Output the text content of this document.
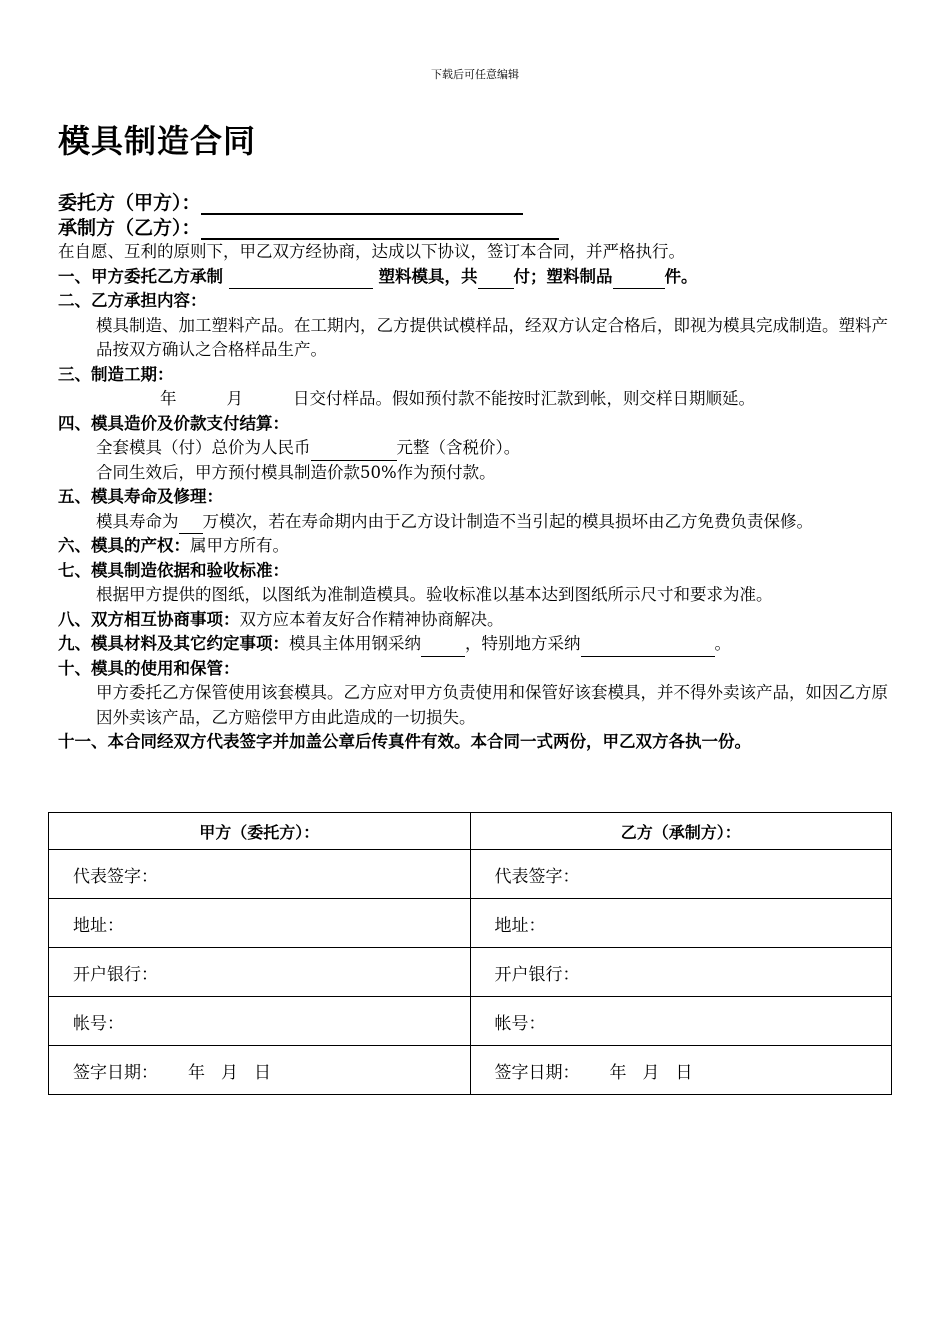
下载后可任意编辑
模具制造合同
委托方（甲方）：
承制方（乙方）：

在自愿、互利的原则下，甲乙双方经协商，达成以下协议，签订本合同，并严格执行。

一、甲方委托乙方承制	塑料模具，共 付；塑料制品	件。

二、乙方承担内容：

模具制造、加工塑料产品。在工期内，乙方提供试模样品，经双方认定合格后，即视为模具完成制造。塑料产品按双方确认之合格样品生产。

三、制造工期：

年	月	日交付样品。假如预付款不能按时汇款到帐，则交样日期顺延。

四、模具造价及价款支付结算：

全套模具（付）总价为人民币	元整（含税价）。

合同生效后，甲方预付模具制造价款50%作为预付款。

五、模具寿命及修理：

模具寿命为 万模次，若在寿命期内由于乙方设计制造不当引起的模具损坏由乙方免费负责保修。

六、模具的产权：属甲方所有。

七、模具制造依据和验收标准：

根据甲方提供的图纸，以图纸为准制造模具。验收标准以基本达到图纸所示尺寸和要求为准。

八、双方相互协商事项：双方应本着友好合作精神协商解决。

九、模具材料及其它约定事项：模具主体用钢采纳	，特别地方采纳	。

十、模具的使用和保管：

甲方委托乙方保管使用该套模具。乙方应对甲方负责使用和保管好该套模具，并不得外卖该产品，如因乙方原因外卖该产品，乙方赔偿甲方由此造成的一切损失。

十一、本合同经双方代表签字并加盖公章后传真件有效。本合同一式两份，甲乙双方各执一份。

甲方（委托方）：	乙方（承制方）：
代表签字：	代表签字：
地址：	地址：
开户银行：	开户银行：
帐号：	帐号：
签字日期： 年 月 日	签字日期： 年 月 日
